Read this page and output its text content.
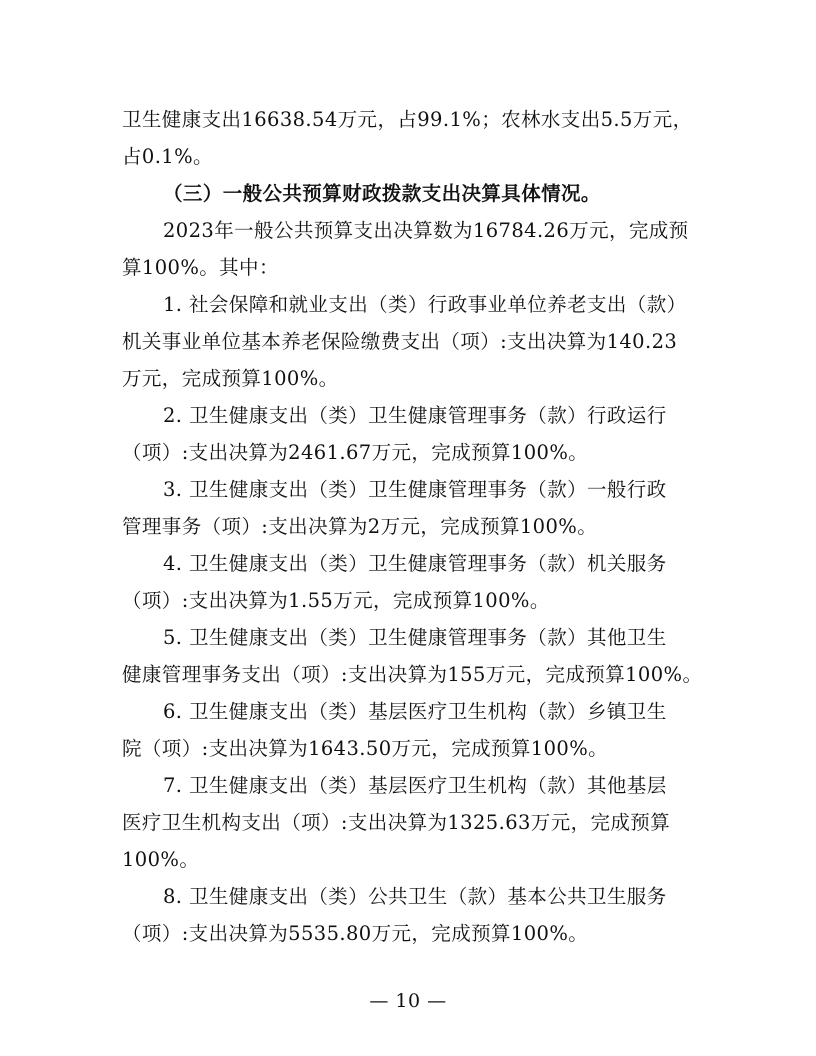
卫生健康支出16638.54万元，占99.1%；农林水支出5.5万元，
占0.1%。
（三）一般公共预算财政拨款支出决算具体情况。
2023年一般公共预算支出决算数为16784.26万元，完成预
算100%。其中：
1. 社会保障和就业支出（类）行政事业单位养老支出（款）
机关事业单位基本养老保险缴费支出（项）:支出决算为140.23
万元，完成预算100%。
2. 卫生健康支出（类）卫生健康管理事务（款）行政运行
（项）:支出决算为2461.67万元，完成预算100%。
3. 卫生健康支出（类）卫生健康管理事务（款）一般行政
管理事务（项）:支出决算为2万元，完成预算100%。
4. 卫生健康支出（类）卫生健康管理事务（款）机关服务
（项）:支出决算为1.55万元，完成预算100%。
5. 卫生健康支出（类）卫生健康管理事务（款）其他卫生
健康管理事务支出（项）:支出决算为155万元，完成预算100%。
6. 卫生健康支出（类）基层医疗卫生机构（款）乡镇卫生
院（项）:支出决算为1643.50万元，完成预算100%。
7. 卫生健康支出（类）基层医疗卫生机构（款）其他基层
医疗卫生机构支出（项）:支出决算为1325.63万元，完成预算
100%。
8. 卫生健康支出（类）公共卫生（款）基本公共卫生服务
（项）:支出决算为5535.80万元，完成预算100%。
— 10 —
